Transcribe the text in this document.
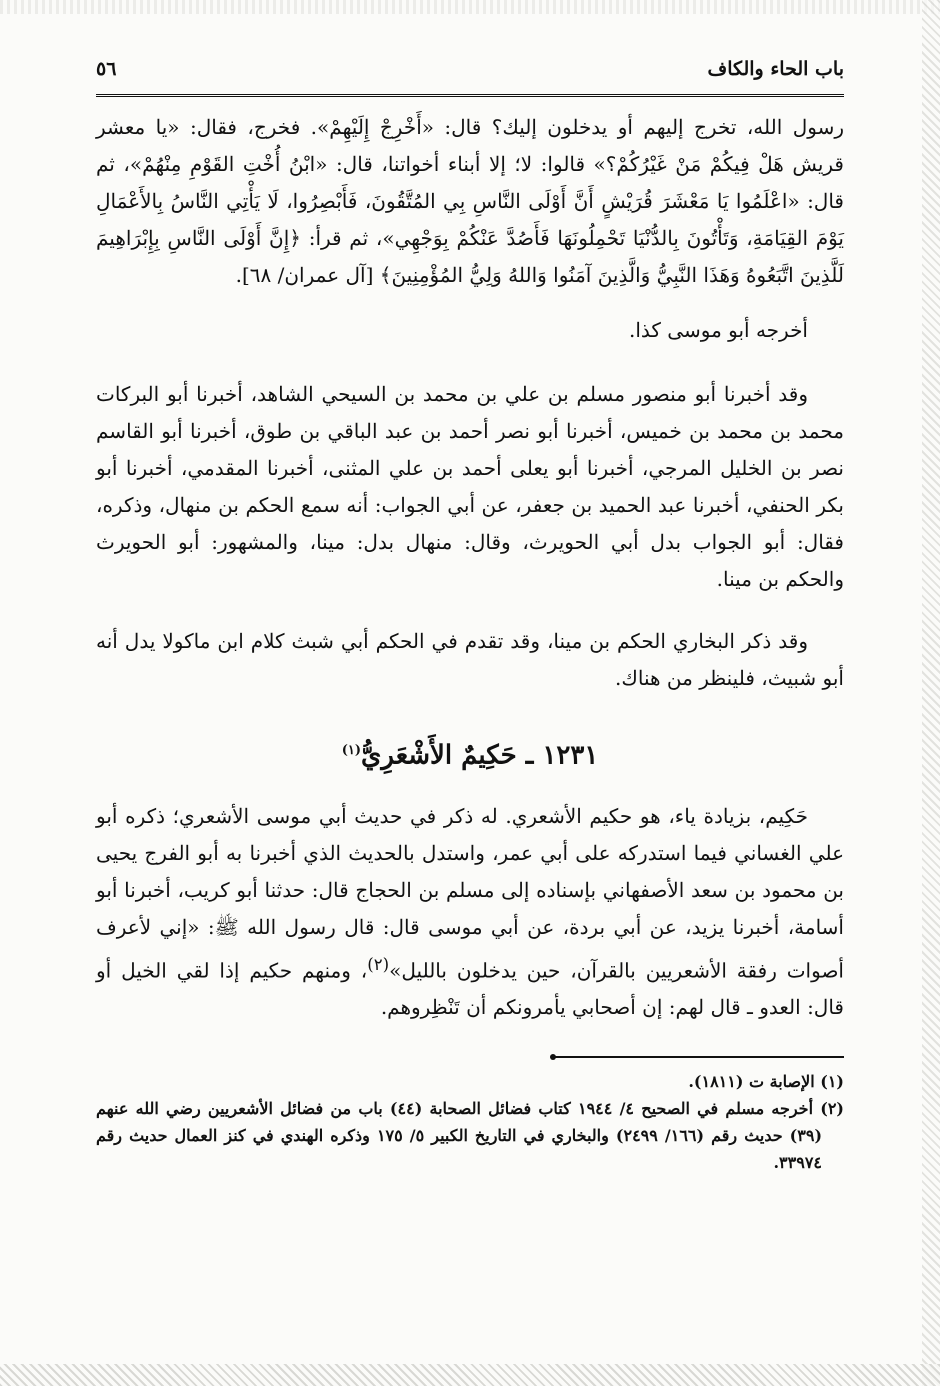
باب الحاء والكاف
٥٦

رسول الله، تخرج إليهم أو يدخلون إليك؟ قال: «أَخْرِجْ إِلَيْهِمْ». فخرج، فقال: «يا معشر قريش هَلْ فِيكُمْ مَنْ غَيْرُكُمْ؟» قالوا: لا؛ إلا أبناء أخواتنا، قال: «ابْنُ أُخْتِ القَوْمِ مِنْهُمْ»، ثم قال: «اعْلَمُوا يَا مَعْشَرَ قُرَيْشٍ أَنَّ أَوْلَى النَّاسِ بِي المُتَّقُونَ، فَأَبْصِرُوا، لَا يَأْتِي النَّاسُ بِالأَعْمَالِ يَوْمَ القِيَامَةِ، وَتَأْتُونَ بِالدُّنْيَا تَحْمِلُونَهَا فَأَصُدَّ عَنْكُمْ بِوَجْهِي»، ثم قرأ: ﴿إِنَّ أَوْلَى النَّاسِ بِإِبْرَاهِيمَ لَلَّذِينَ اتَّبَعُوهُ وَهَذَا النَّبِيُّ وَالَّذِينَ آمَنُوا وَاللهُ وَلِيُّ المُؤْمِنِينَ﴾ [آل عمران/ ٦٨].

أخرجه أبو موسى كذا.

وقد أخبرنا أبو منصور مسلم بن علي بن محمد بن السيحي الشاهد، أخبرنا أبو البركات محمد بن محمد بن خميس، أخبرنا أبو نصر أحمد بن عبد الباقي بن طوق، أخبرنا أبو القاسم نصر بن الخليل المرجي، أخبرنا أبو يعلى أحمد بن علي المثنى، أخبرنا المقدمي، أخبرنا أبو بكر الحنفي، أخبرنا عبد الحميد بن جعفر، عن أبي الجواب: أنه سمع الحكم بن منهال، وذكره، فقال: أبو الجواب بدل أبي الحويرث، وقال: منهال بدل: مينا، والمشهور: أبو الحويرث والحكم بن مينا.

وقد ذكر البخاري الحكم بن مينا، وقد تقدم في الحكم أبي شبث كلام ابن ماكولا يدل أنه أبو شبيث، فلينظر من هناك.

١٢٣١ ـ حَكِيمٌ الأَشْعَرِيُّ$^{(١)}$

حَكِيم، بزيادة ياء، هو حكيم الأشعري. له ذكر في حديث أبي موسى الأشعري؛ ذكره أبو علي الغساني فيما استدركه على أبي عمر، واستدل بالحديث الذي أخبرنا به أبو الفرج يحيى بن محمود بن سعد الأصفهاني بإسناده إلى مسلم بن الحجاج قال: حدثنا أبو كريب، أخبرنا أبو أسامة، أخبرنا يزيد، عن أبي بردة، عن أبي موسى قال: قال رسول الله ﷺ: «إني لأعرف أصوات رفقة الأشعريين بالقرآن، حين يدخلون بالليل»$^{(٢)}$، ومنهم حكيم إذا لقي الخيل أو قال: العدو ـ قال لهم: إن أصحابي يأمرونكم أن تَنْظِروهم.

(١) الإصابة ت (١٨١١).
(٢) أخرجه مسلم في الصحيح ٤/ ١٩٤٤ كتاب فضائل الصحابة (٤٤) باب من فضائل الأشعريين رضي الله عنهم (٣٩) حديث رقم (١٦٦/ ٢٤٩٩) والبخاري في التاريخ الكبير ٥/ ١٧٥ وذكره الهندي في كنز العمال حديث رقم ٣٣٩٧٤.
